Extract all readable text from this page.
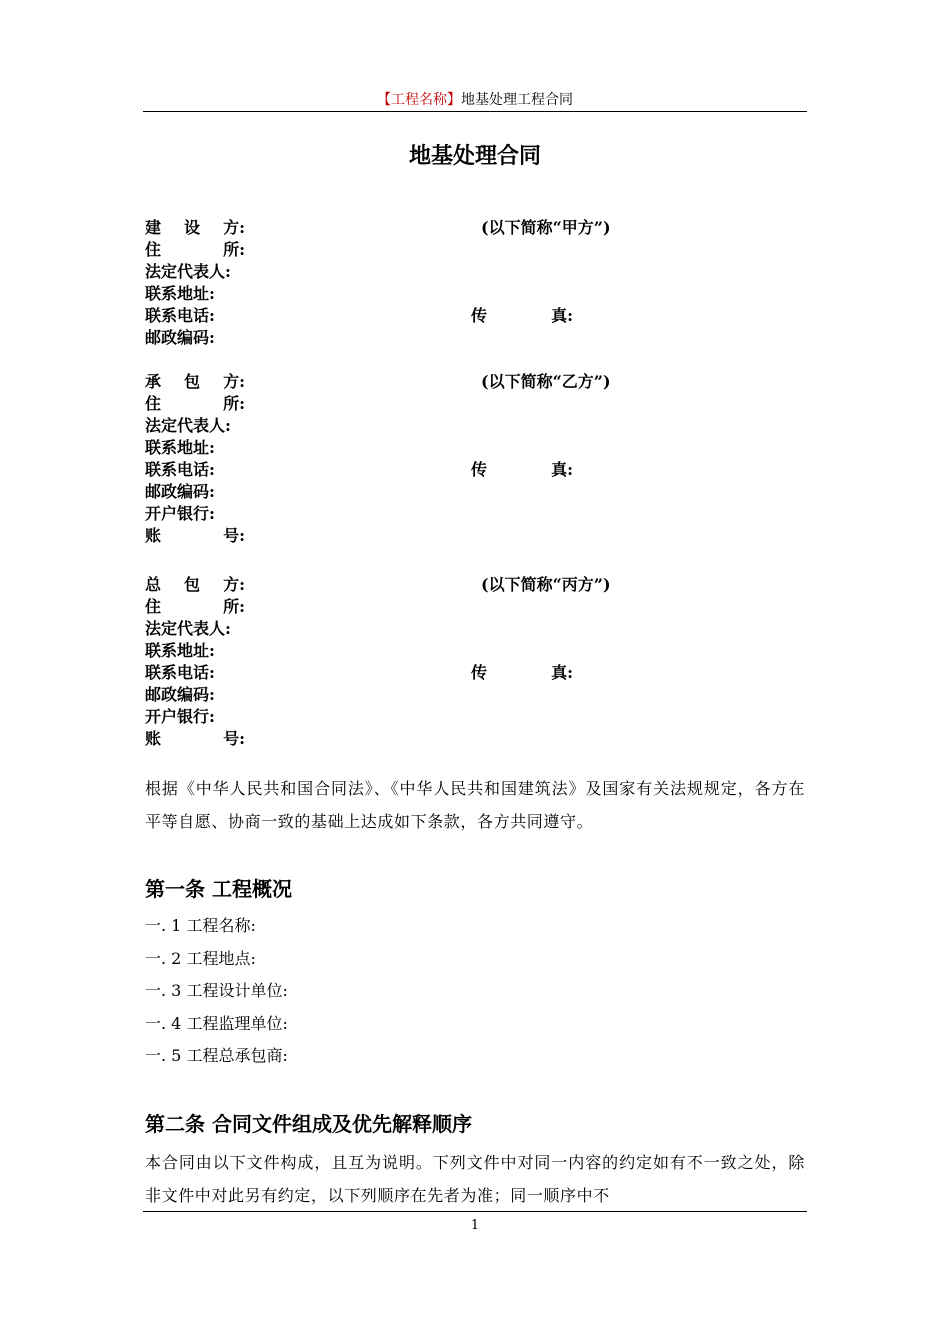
【工程名称】地基处理工程合同
地基处理合同
建 设 方:	(以下简称“甲方”)
住	所:
法定代表人:
联系地址:
联系电话:	传	真:
邮政编码:
承 包 方:	(以下简称“乙方”)
住	所:
法定代表人:
联系地址:
联系电话:	传	真:
邮政编码:
开户银行:
账	号:
总 包 方:	(以下简称“丙方”)
住	所:
法定代表人:
联系地址:
联系电话:	传	真:
邮政编码:
开户银行:
账	号:
根据《中华人民共和国合同法》、《中华人民共和国建筑法》及国家有关法规规定，各方在平等自愿、协商一致的基础上达成如下条款，各方共同遵守。
第一条 工程概况
一. 1 工程名称:
一. 2 工程地点:
一. 3 工程设计单位:
一. 4 工程监理单位:
一. 5 工程总承包商:
第二条 合同文件组成及优先解释顺序
本合同由以下文件构成，且互为说明。下列文件中对同一内容的约定如有不一致之处，除非文件中对此另有约定，以下列顺序在先者为准；同一顺序中不
1
